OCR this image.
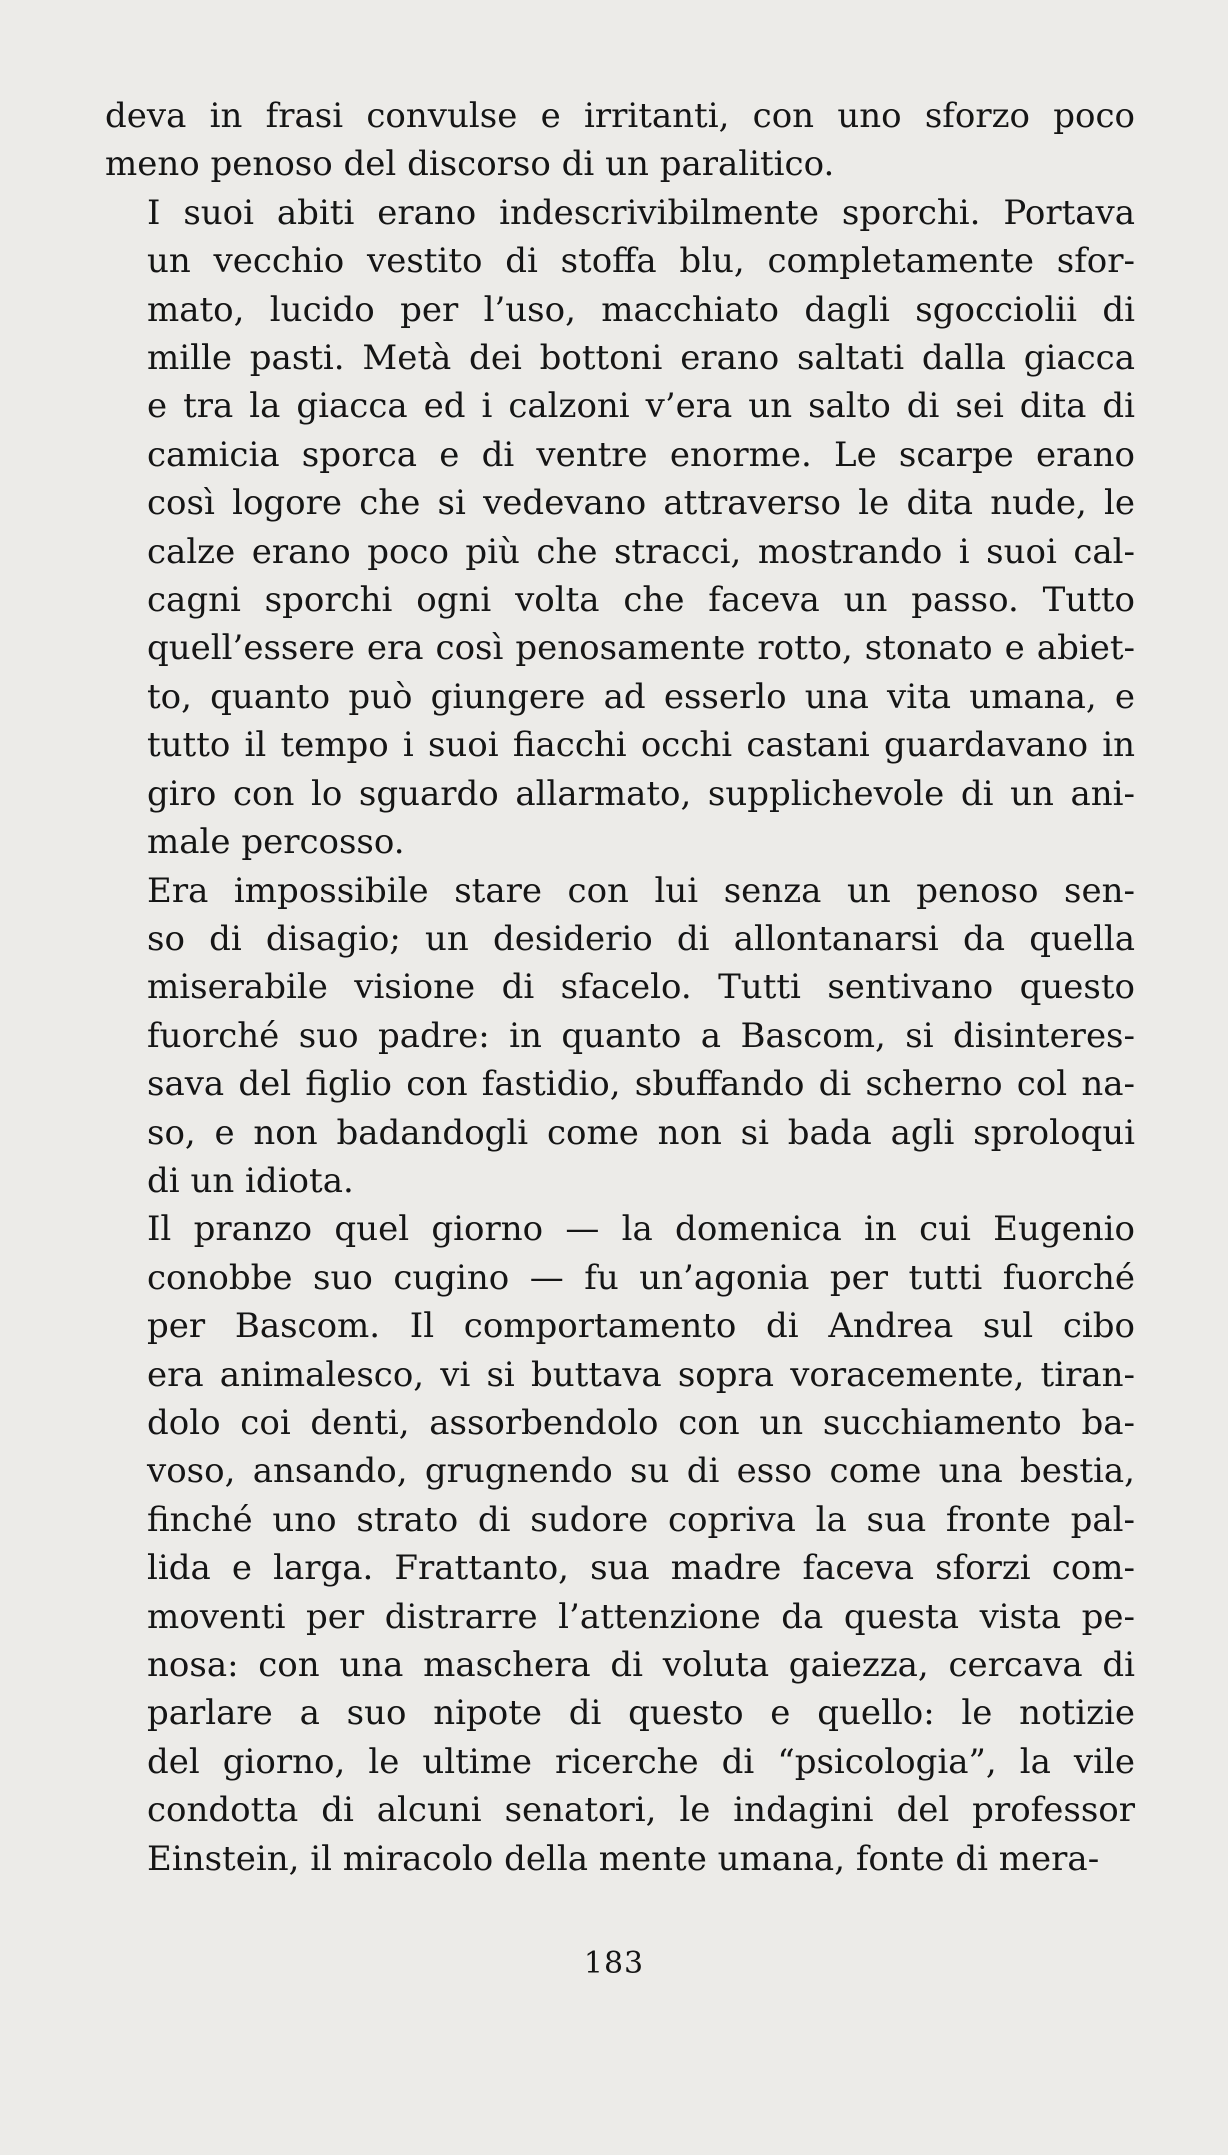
deva in frasi convulse e irritanti, con uno sforzo poco
meno penoso del discorso di un paralitico.

I suoi abiti erano indescrivibilmente sporchi. Portava
un vecchio vestito di stoffa blu, completamente sfor-
mato, lucido per l’uso, macchiato dagli sgocciolii di
mille pasti. Metà dei bottoni erano saltati dalla giacca
e tra la giacca ed i calzoni v’era un salto di sei dita di
camicia sporca e di ventre enorme. Le scarpe erano
così logore che si vedevano attraverso le dita nude, le
calze erano poco più che stracci, mostrando i suoi cal-
cagni sporchi ogni volta che faceva un passo. Tutto
quell’essere era così penosamente rotto, stonato e abiet-
to, quanto può giungere ad esserlo una vita umana, e
tutto il tempo i suoi fiacchi occhi castani guardavano in
giro con lo sguardo allarmato, supplichevole di un ani-
male percosso.

Era impossibile stare con lui senza un penoso sen-
so di disagio; un desiderio di allontanarsi da quella
miserabile visione di sfacelo. Tutti sentivano questo
fuorché suo padre: in quanto a Bascom, si disinteres-
sava del figlio con fastidio, sbuffando di scherno col na-
so, e non badandogli come non si bada agli sproloqui
di un idiota.

Il pranzo quel giorno — la domenica in cui Eugenio
conobbe suo cugino — fu un’agonia per tutti fuorché
per Bascom. Il comportamento di Andrea sul cibo
era animalesco, vi si buttava sopra voracemente, tiran-
dolo coi denti, assorbendolo con un succhiamento ba-
voso, ansando, grugnendo su di esso come una bestia,
finché uno strato di sudore copriva la sua fronte pal-
lida e larga. Frattanto, sua madre faceva sforzi com-
moventi per distrarre l’attenzione da questa vista pe-
nosa: con una maschera di voluta gaiezza, cercava di
parlare a suo nipote di questo e quello: le notizie
del giorno, le ultime ricerche di “psicologia”, la vile
condotta di alcuni senatori, le indagini del professor
Einstein, il miracolo della mente umana, fonte di mera-

183
